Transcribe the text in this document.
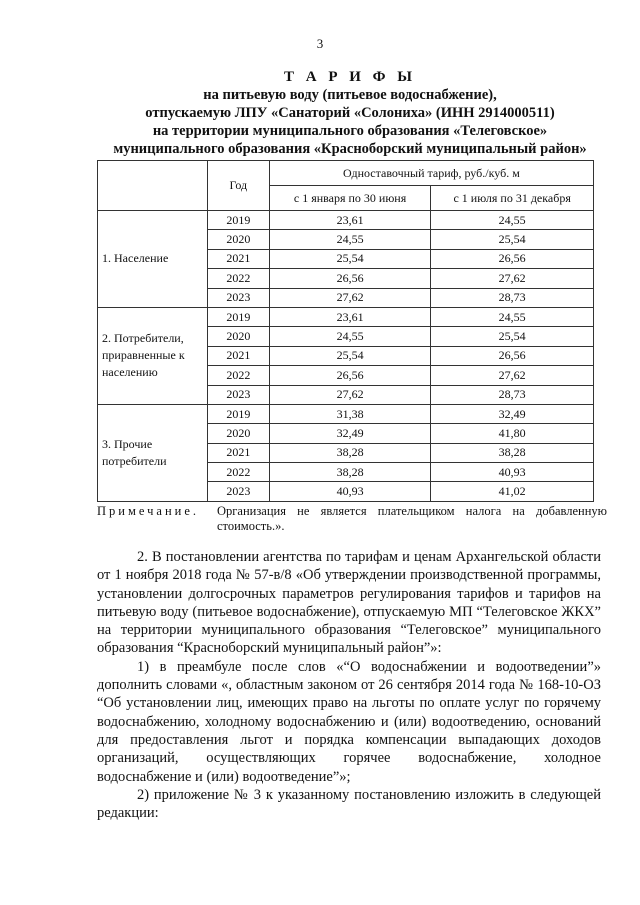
3
Т А Р И Ф Ы
на питьевую воду (питьевое водоснабжение),
отпускаемую ЛПУ «Санаторий «Солониха» (ИНН 2914000511)
на территории муниципального образования «Телеговское»
муниципального образования «Красноборский муниципальный район»
	Год	Одноставочный тариф, руб./куб. м	
		с 1 января по 30 июня	с 1 июля по 31 декабря
1. Население	2019	23,61	24,55
	2020	24,55	25,54
	2021	25,54	26,56
	2022	26,56	27,62
	2023	27,62	28,73
2. Потребители, приравненные к населению	2019	23,61	24,55
	2020	24,55	25,54
	2021	25,54	26,56
	2022	26,56	27,62
	2023	27,62	28,73
3. Прочие потребители	2019	31,38	32,49
	2020	32,49	41,80
	2021	38,28	38,28
	2022	38,28	40,93
	2023	40,93	41,02
Примечание. Организация не является плательщиком налога на добавленную стоимость.».

2. В постановлении агентства по тарифам и ценам Архангельской области от 1 ноября 2018 года № 57-в/8 «Об утверждении производственной программы, установлении долгосрочных параметров регулирования тарифов и тарифов на питьевую воду (питьевое водоснабжение), отпускаемую МП “Телеговское ЖКХ” на территории муниципального образования “Телеговское” муниципального образования “Красноборский муниципальный район”»:

1) в преамбуле после слов «“О водоснабжении и водоотведении”» дополнить словами «, областным законом от 26 сентября 2014 года № 168-10-ОЗ “Об установлении лиц, имеющих право на льготы по оплате услуг по горячему водоснабжению, холодному водоснабжению и (или) водоотведению, оснований для предоставления льгот и порядка компенсации выпадающих доходов организаций, осуществляющих горячее водоснабжение, холодное водоснабжение и (или) водоотведение”»;

2) приложение № 3 к указанному постановлению изложить в следующей редакции:
